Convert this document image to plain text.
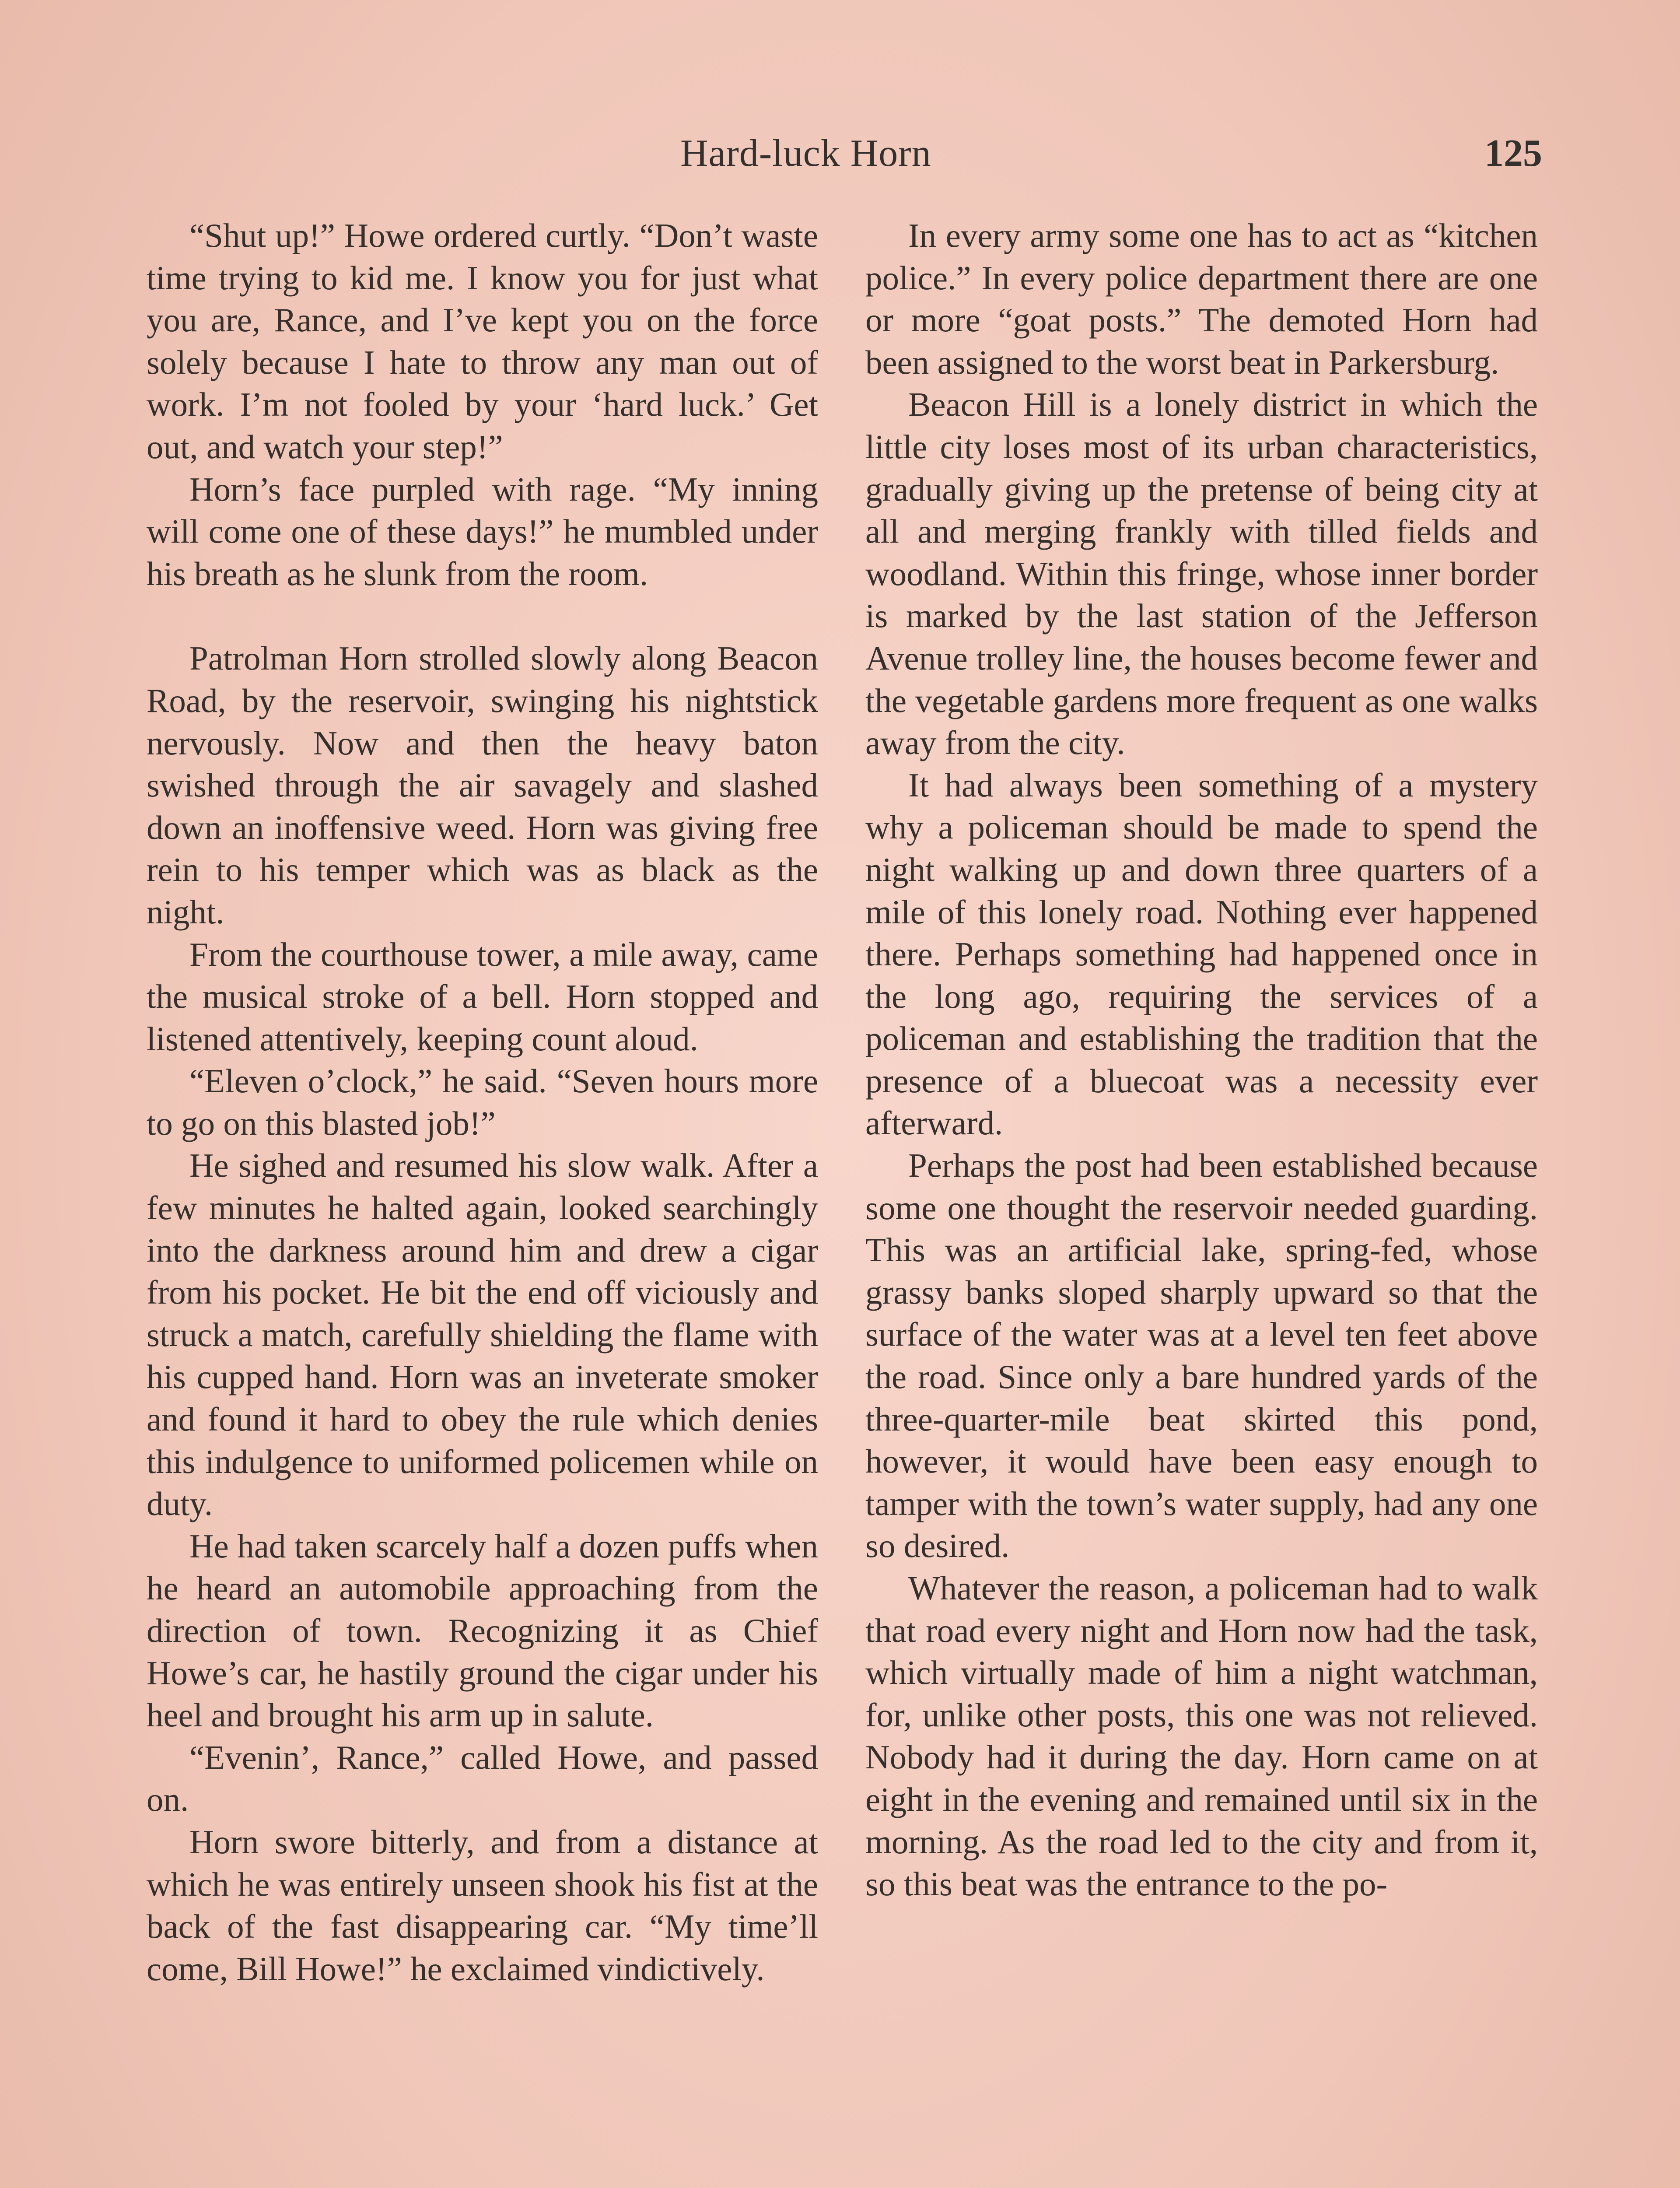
Hard-luck Horn	125

“Shut up!” Howe ordered curtly. “Don’t waste time trying to kid me. I know you for just what you are, Rance, and I’ve kept you on the force solely because I hate to throw any man out of work. I’m not fooled by your ‘hard luck.’ Get out, and watch your step!”

Horn’s face purpled with rage. “My inning will come one of these days!” he mumbled under his breath as he slunk from the room.

Patrolman Horn strolled slowly along Beacon Road, by the reservoir, swinging his nightstick nervously. Now and then the heavy baton swished through the air savagely and slashed down an inoffensive weed. Horn was giving free rein to his temper which was as black as the night.

From the courthouse tower, a mile away, came the musical stroke of a bell. Horn stopped and listened attentively, keeping count aloud.

“Eleven o’clock,” he said. “Seven hours more to go on this blasted job!”

He sighed and resumed his slow walk. After a few minutes he halted again, looked searchingly into the darkness around him and drew a cigar from his pocket. He bit the end off viciously and struck a match, carefully shielding the flame with his cupped hand. Horn was an inveterate smoker and found it hard to obey the rule which denies this indulgence to uniformed policemen while on duty.

He had taken scarcely half a dozen puffs when he heard an automobile approaching from the direction of town. Recognizing it as Chief Howe’s car, he hastily ground the cigar under his heel and brought his arm up in salute.

“Evenin’, Rance,” called Howe, and passed on.

Horn swore bitterly, and from a distance at which he was entirely unseen shook his fist at the back of the fast disappearing car. “My time’ll come, Bill Howe!” he exclaimed vindictively.

In every army some one has to act as “kitchen police.” In every police department there are one or more “goat posts.” The demoted Horn had been assigned to the worst beat in Parkersburg.

Beacon Hill is a lonely district in which the little city loses most of its urban characteristics, gradually giving up the pretense of being city at all and merging frankly with tilled fields and woodland. Within this fringe, whose inner border is marked by the last station of the Jefferson Avenue trolley line, the houses become fewer and the vegetable gardens more frequent as one walks away from the city.

It had always been something of a mystery why a policeman should be made to spend the night walking up and down three quarters of a mile of this lonely road. Nothing ever happened there. Perhaps something had happened once in the long ago, requiring the services of a policeman and establishing the tradition that the presence of a bluecoat was a necessity ever afterward.

Perhaps the post had been established because some one thought the reservoir needed guarding. This was an artificial lake, spring-fed, whose grassy banks sloped sharply upward so that the surface of the water was at a level ten feet above the road. Since only a bare hundred yards of the three-quarter-mile beat skirted this pond, however, it would have been easy enough to tamper with the town’s water supply, had any one so desired.

Whatever the reason, a policeman had to walk that road every night and Horn now had the task, which virtually made of him a night watchman, for, unlike other posts, this one was not relieved. Nobody had it during the day. Horn came on at eight in the evening and remained until six in the morning. As the road led to the city and from it, so this beat was the entrance to the po-
